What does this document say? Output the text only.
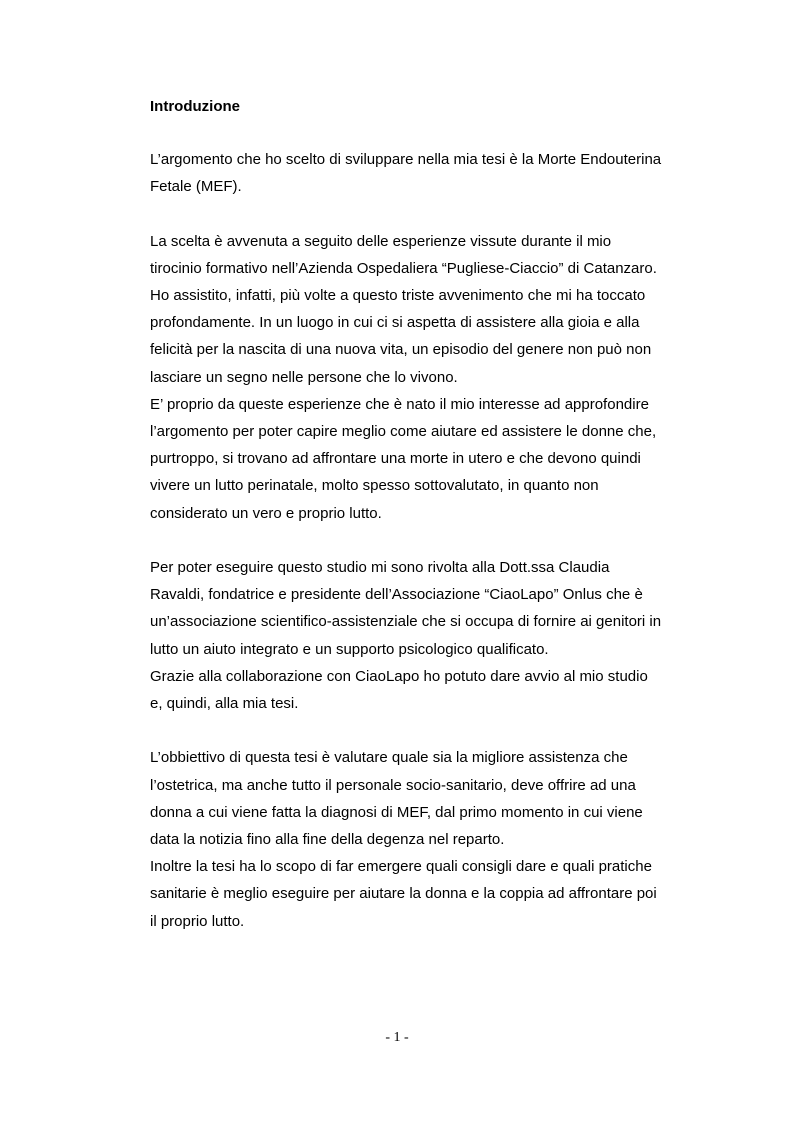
Introduzione

L’argomento che ho scelto di sviluppare nella mia tesi è la Morte Endouterina
Fetale (MEF).

La scelta è avvenuta a seguito delle esperienze vissute durante il mio
tirocinio formativo nell’Azienda Ospedaliera “Pugliese-Ciaccio” di Catanzaro.
Ho assistito, infatti, più volte a questo triste avvenimento che mi ha toccato
profondamente. In un luogo in cui ci si aspetta di assistere alla gioia e alla
felicità per la nascita di una nuova vita, un episodio del genere non può non
lasciare un segno nelle persone che lo vivono.
E’ proprio da queste esperienze che è nato il mio interesse ad approfondire
l’argomento per poter capire meglio come aiutare ed assistere le donne che,
purtroppo, si trovano ad affrontare una morte in utero e che devono quindi
vivere un lutto perinatale, molto spesso sottovalutato, in quanto non
considerato un vero e proprio lutto.

Per poter eseguire questo studio mi sono rivolta alla Dott.ssa Claudia
Ravaldi, fondatrice e presidente dell’Associazione “CiaoLapo” Onlus che è
un’associazione scientifico-assistenziale che si occupa di fornire ai genitori in
lutto un aiuto integrato e un supporto psicologico qualificato.
Grazie alla collaborazione con CiaoLapo ho potuto dare avvio al mio studio
e, quindi, alla mia tesi.

L’obbiettivo di questa tesi è valutare quale sia la migliore assistenza che
l’ostetrica, ma anche tutto il personale socio-sanitario, deve offrire ad una
donna a cui viene fatta la diagnosi di MEF, dal primo momento in cui viene
data la notizia fino alla fine della degenza nel reparto.
Inoltre la tesi ha lo scopo di far emergere quali consigli dare e quali pratiche
sanitarie è meglio eseguire per aiutare la donna e la coppia ad affrontare poi
il proprio lutto.

- 1 -
